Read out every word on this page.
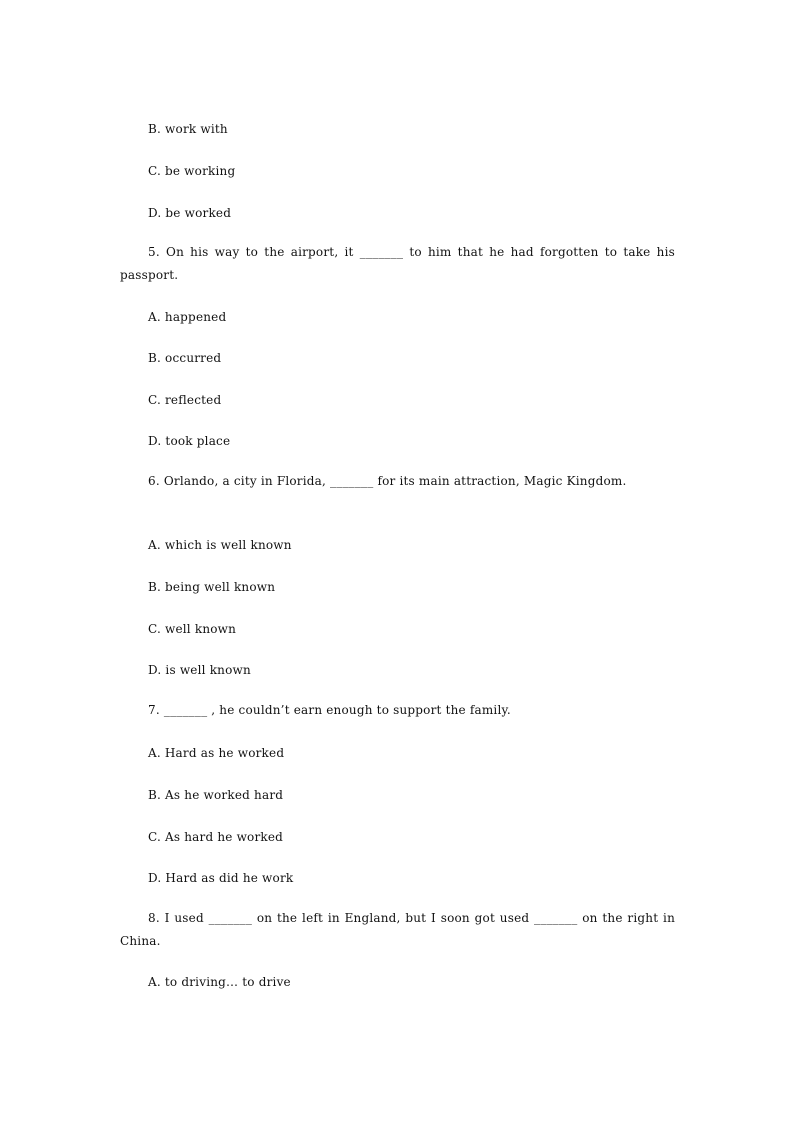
B. work with
C. be working
D. be worked
5. On his way to the airport, it _______ to him that he had forgotten to take his passport.
A. happened
B. occurred
C. reflected
D. took place
6. Orlando, a city in Florida, _______ for its main attraction, Magic Kingdom.
A. which is well known
B. being well known
C. well known
D. is well known
7. _______ , he couldn’t earn enough to support the family.
A. Hard as he worked
B. As he worked hard
C. As hard he worked
D. Hard as did he work
8. I used _______ on the left in England, but I soon got used _______ on the right in China.
A. to driving… to drive
